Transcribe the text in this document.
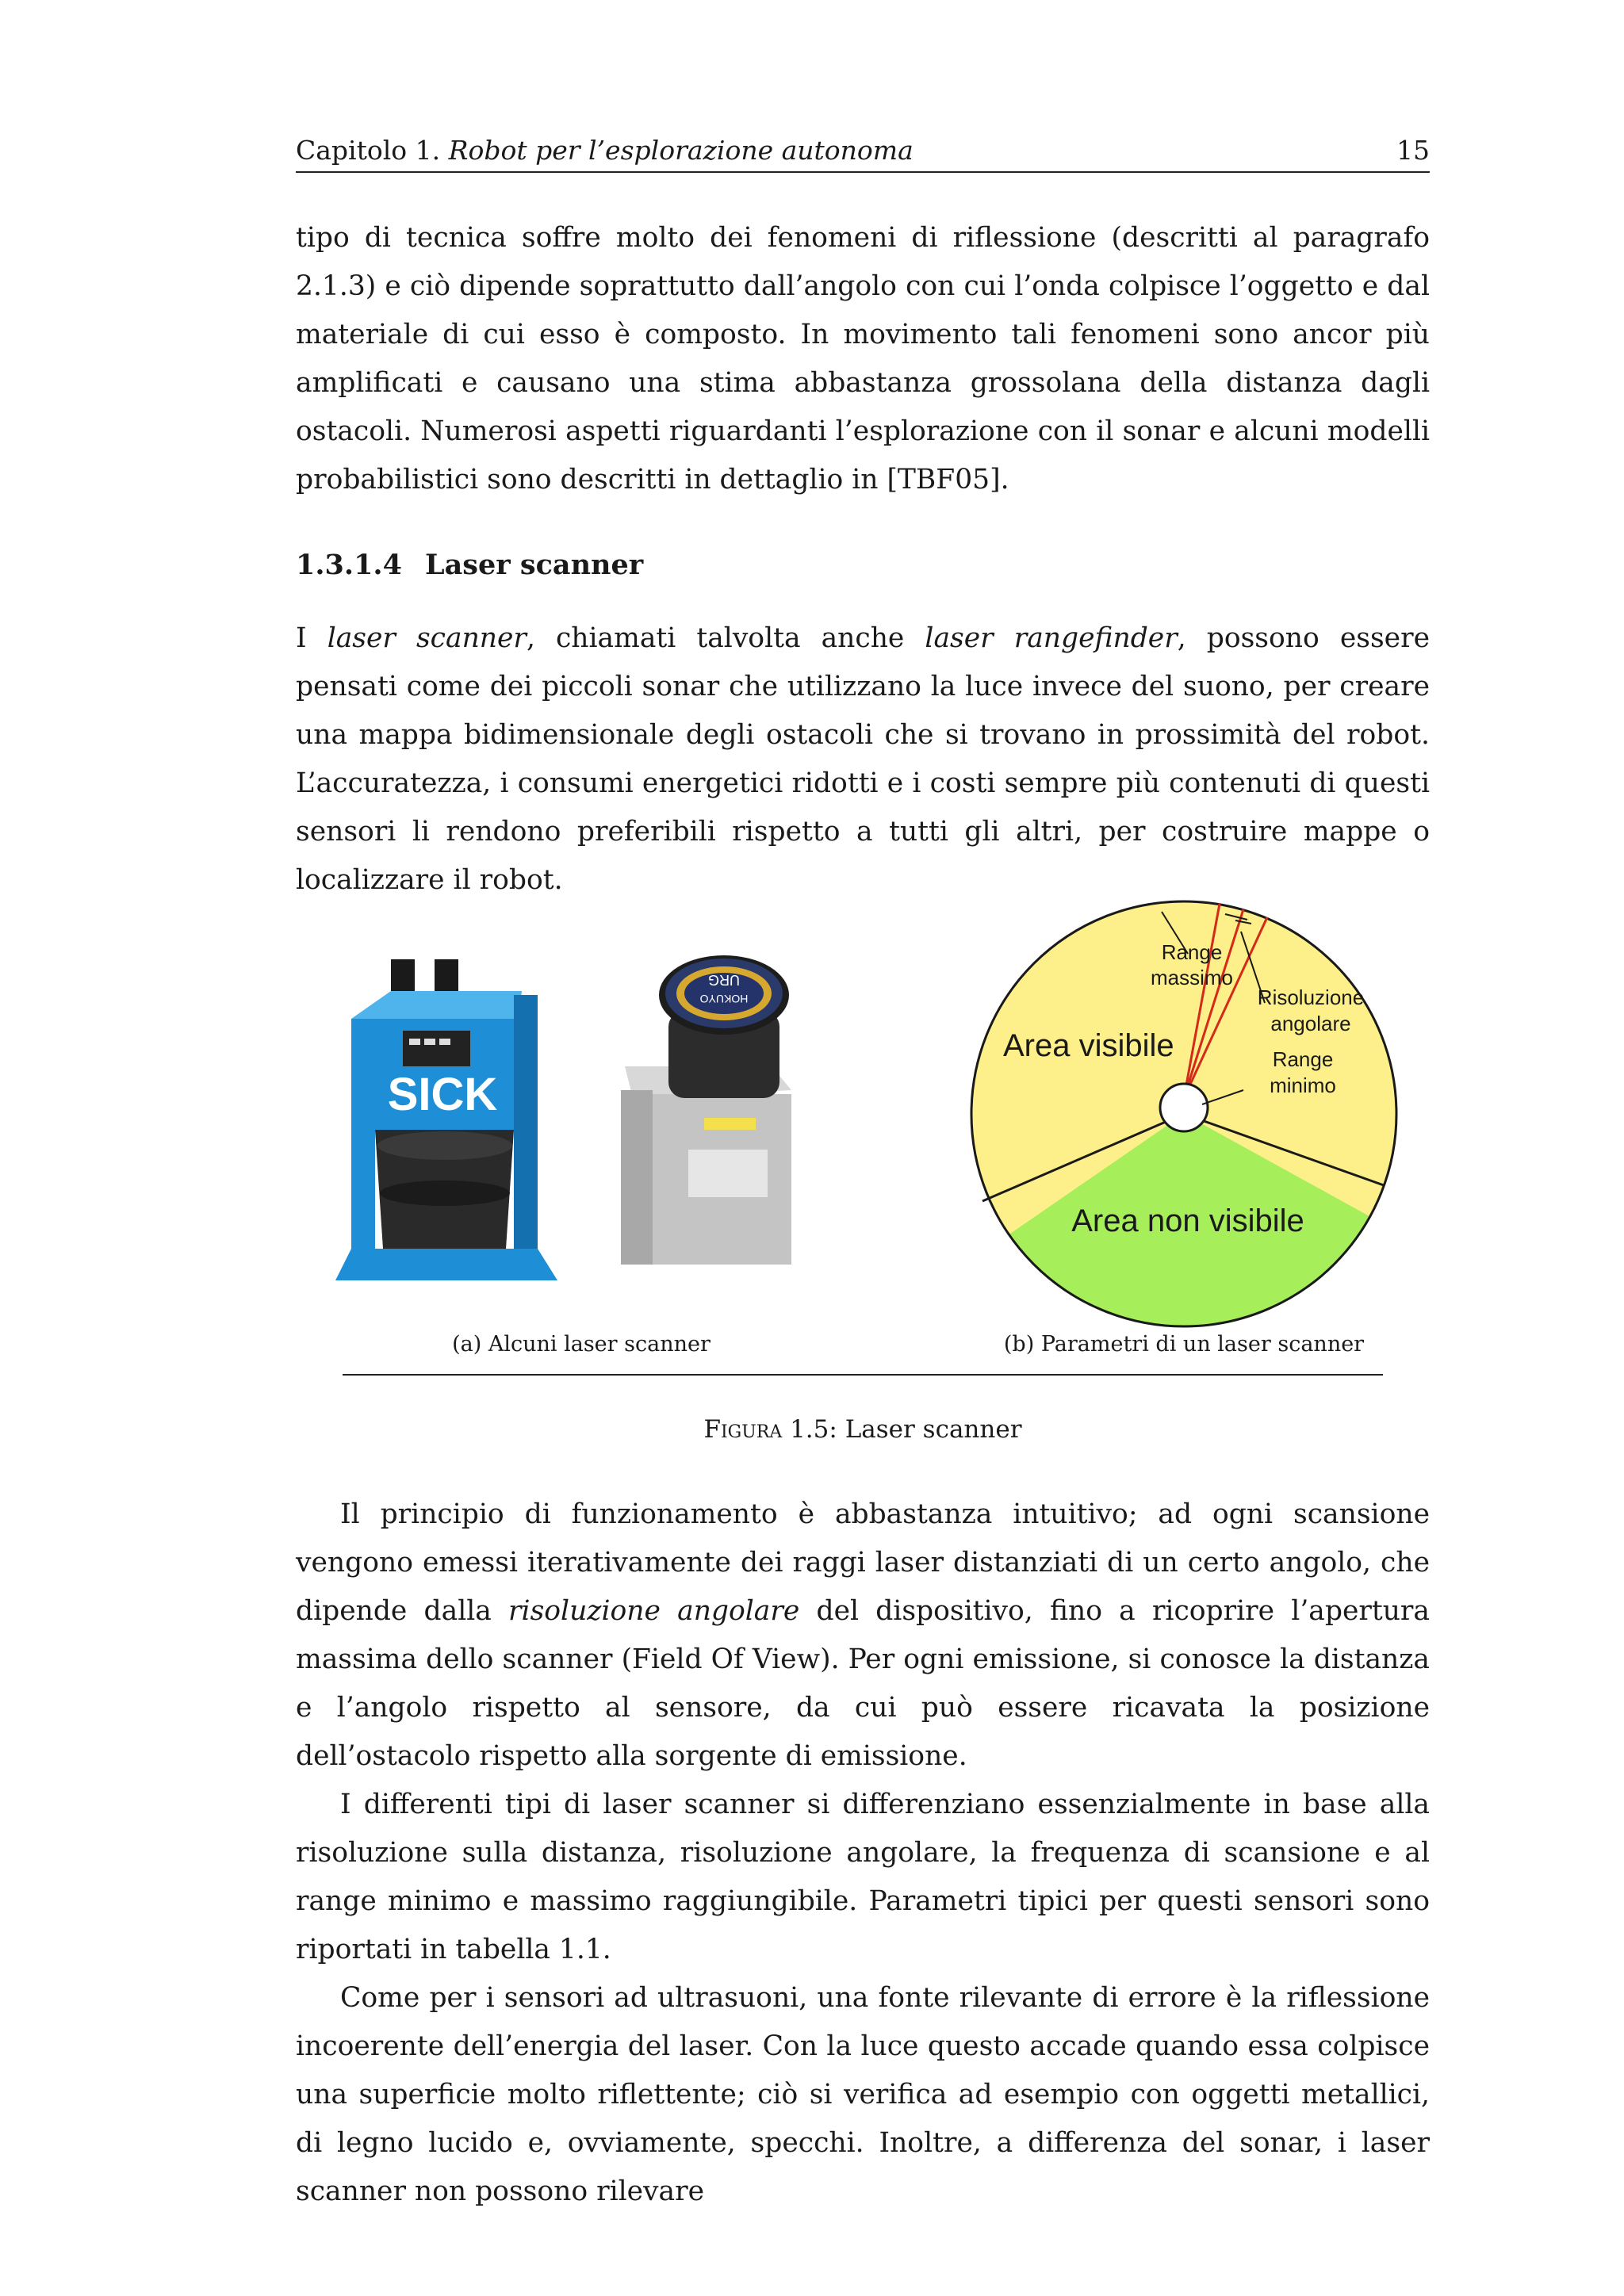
Capitolo 1. Robot per l’esplorazione autonoma	15

tipo di tecnica soffre molto dei fenomeni di riflessione (descritti al paragrafo 2.1.3) e ciò dipende soprattutto dall’angolo con cui l’onda colpisce l’oggetto e dal materiale di cui esso è composto. In movimento tali fenomeni sono ancor più amplificati e causano una stima abbastanza grossolana della distanza dagli ostacoli. Numerosi aspetti riguardanti l’esplorazione con il sonar e alcuni modelli probabilistici sono descritti in dettaglio in [TBF05].

1.3.1.4 Laser scanner

I laser scanner, chiamati talvolta anche laser rangefinder, possono essere pensati come dei piccoli sonar che utilizzano la luce invece del suono, per creare una mappa bidimensionale degli ostacoli che si trovano in prossimità del robot. L’accuratezza, i consumi energetici ridotti e i costi sempre più contenuti di questi sensori li rendono preferibili rispetto a tutti gli altri, per costruire mappe o localizzare il robot.

SICK
URG
HOKUYO
Range
massimo
Risoluzione
angolare
Range
minimo
Area visibile
Area non visibile
(a) Alcuni laser scanner	(b) Parametri di un laser scanner
Figura 1.5: Laser scanner

Il principio di funzionamento è abbastanza intuitivo; ad ogni scansione vengono emessi iterativamente dei raggi laser distanziati di un certo angolo, che dipende dalla risoluzione angolare del dispositivo, fino a ricoprire l’apertura massima dello scanner (Field Of View). Per ogni emissione, si conosce la distanza e l’angolo rispetto al sensore, da cui può essere ricavata la posizione dell’ostacolo rispetto alla sorgente di emissione.

I differenti tipi di laser scanner si differenziano essenzialmente in base alla risoluzione sulla distanza, risoluzione angolare, la frequenza di scansione e al range minimo e massimo raggiungibile. Parametri tipici per questi sensori sono riportati in tabella 1.1.

Come per i sensori ad ultrasuoni, una fonte rilevante di errore è la riflessione incoerente dell’energia del laser. Con la luce questo accade quando essa colpisce una superficie molto riflettente; ciò si verifica ad esempio con oggetti metallici, di legno lucido e, ovviamente, specchi. Inoltre, a differenza del sonar, i laser scanner non possono rilevare
